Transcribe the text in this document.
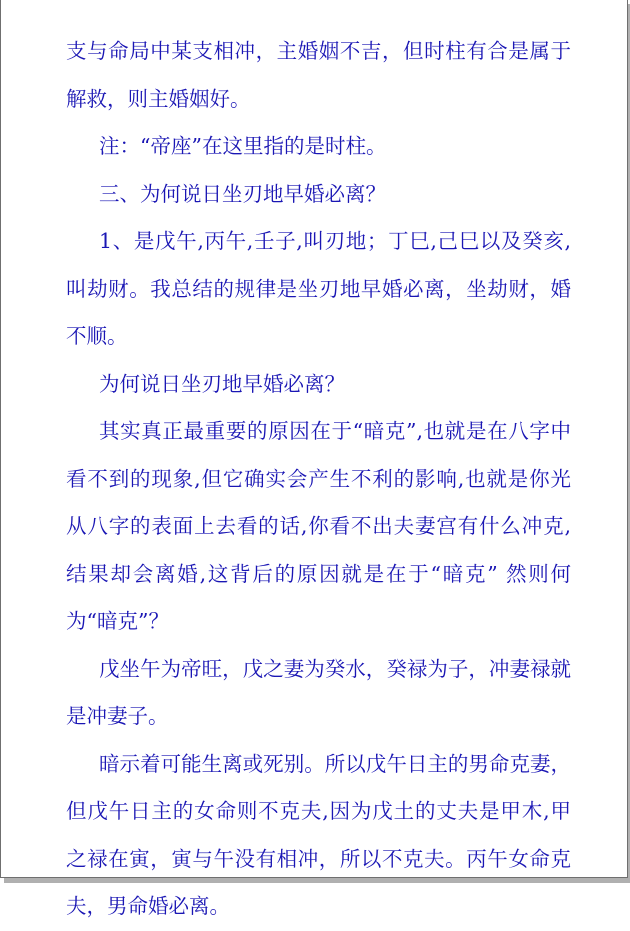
支与命局中某支相冲，主婚姻不吉，但时柱有合是属于解救，则主婚姻好。

注：“帝座”在这里指的是时柱。

三、为何说日坐刃地早婚必离？

1、是戊午,丙午,壬子,叫刃地；丁巳,己巳以及癸亥,叫劫财。我总结的规律是坐刃地早婚必离，坐劫财，婚不顺。

为何说日坐刃地早婚必离？

其实真正最重要的原因在于“暗克”,也就是在八字中看不到的现象,但它确实会产生不利的影响,也就是你光从八字的表面上去看的话,你看不出夫妻宫有什么冲克,结果却会离婚,这背后的原因就是在于“暗克” 然则何为“暗克”？

戊坐午为帝旺，戊之妻为癸水，癸禄为子，冲妻禄就是冲妻子。

暗示着可能生离或死别。所以戊午日主的男命克妻，但戊午日主的女命则不克夫,因为戊土的丈夫是甲木,甲之禄在寅，寅与午没有相冲，所以不克夫。丙午女命克夫，男命婚必离。
